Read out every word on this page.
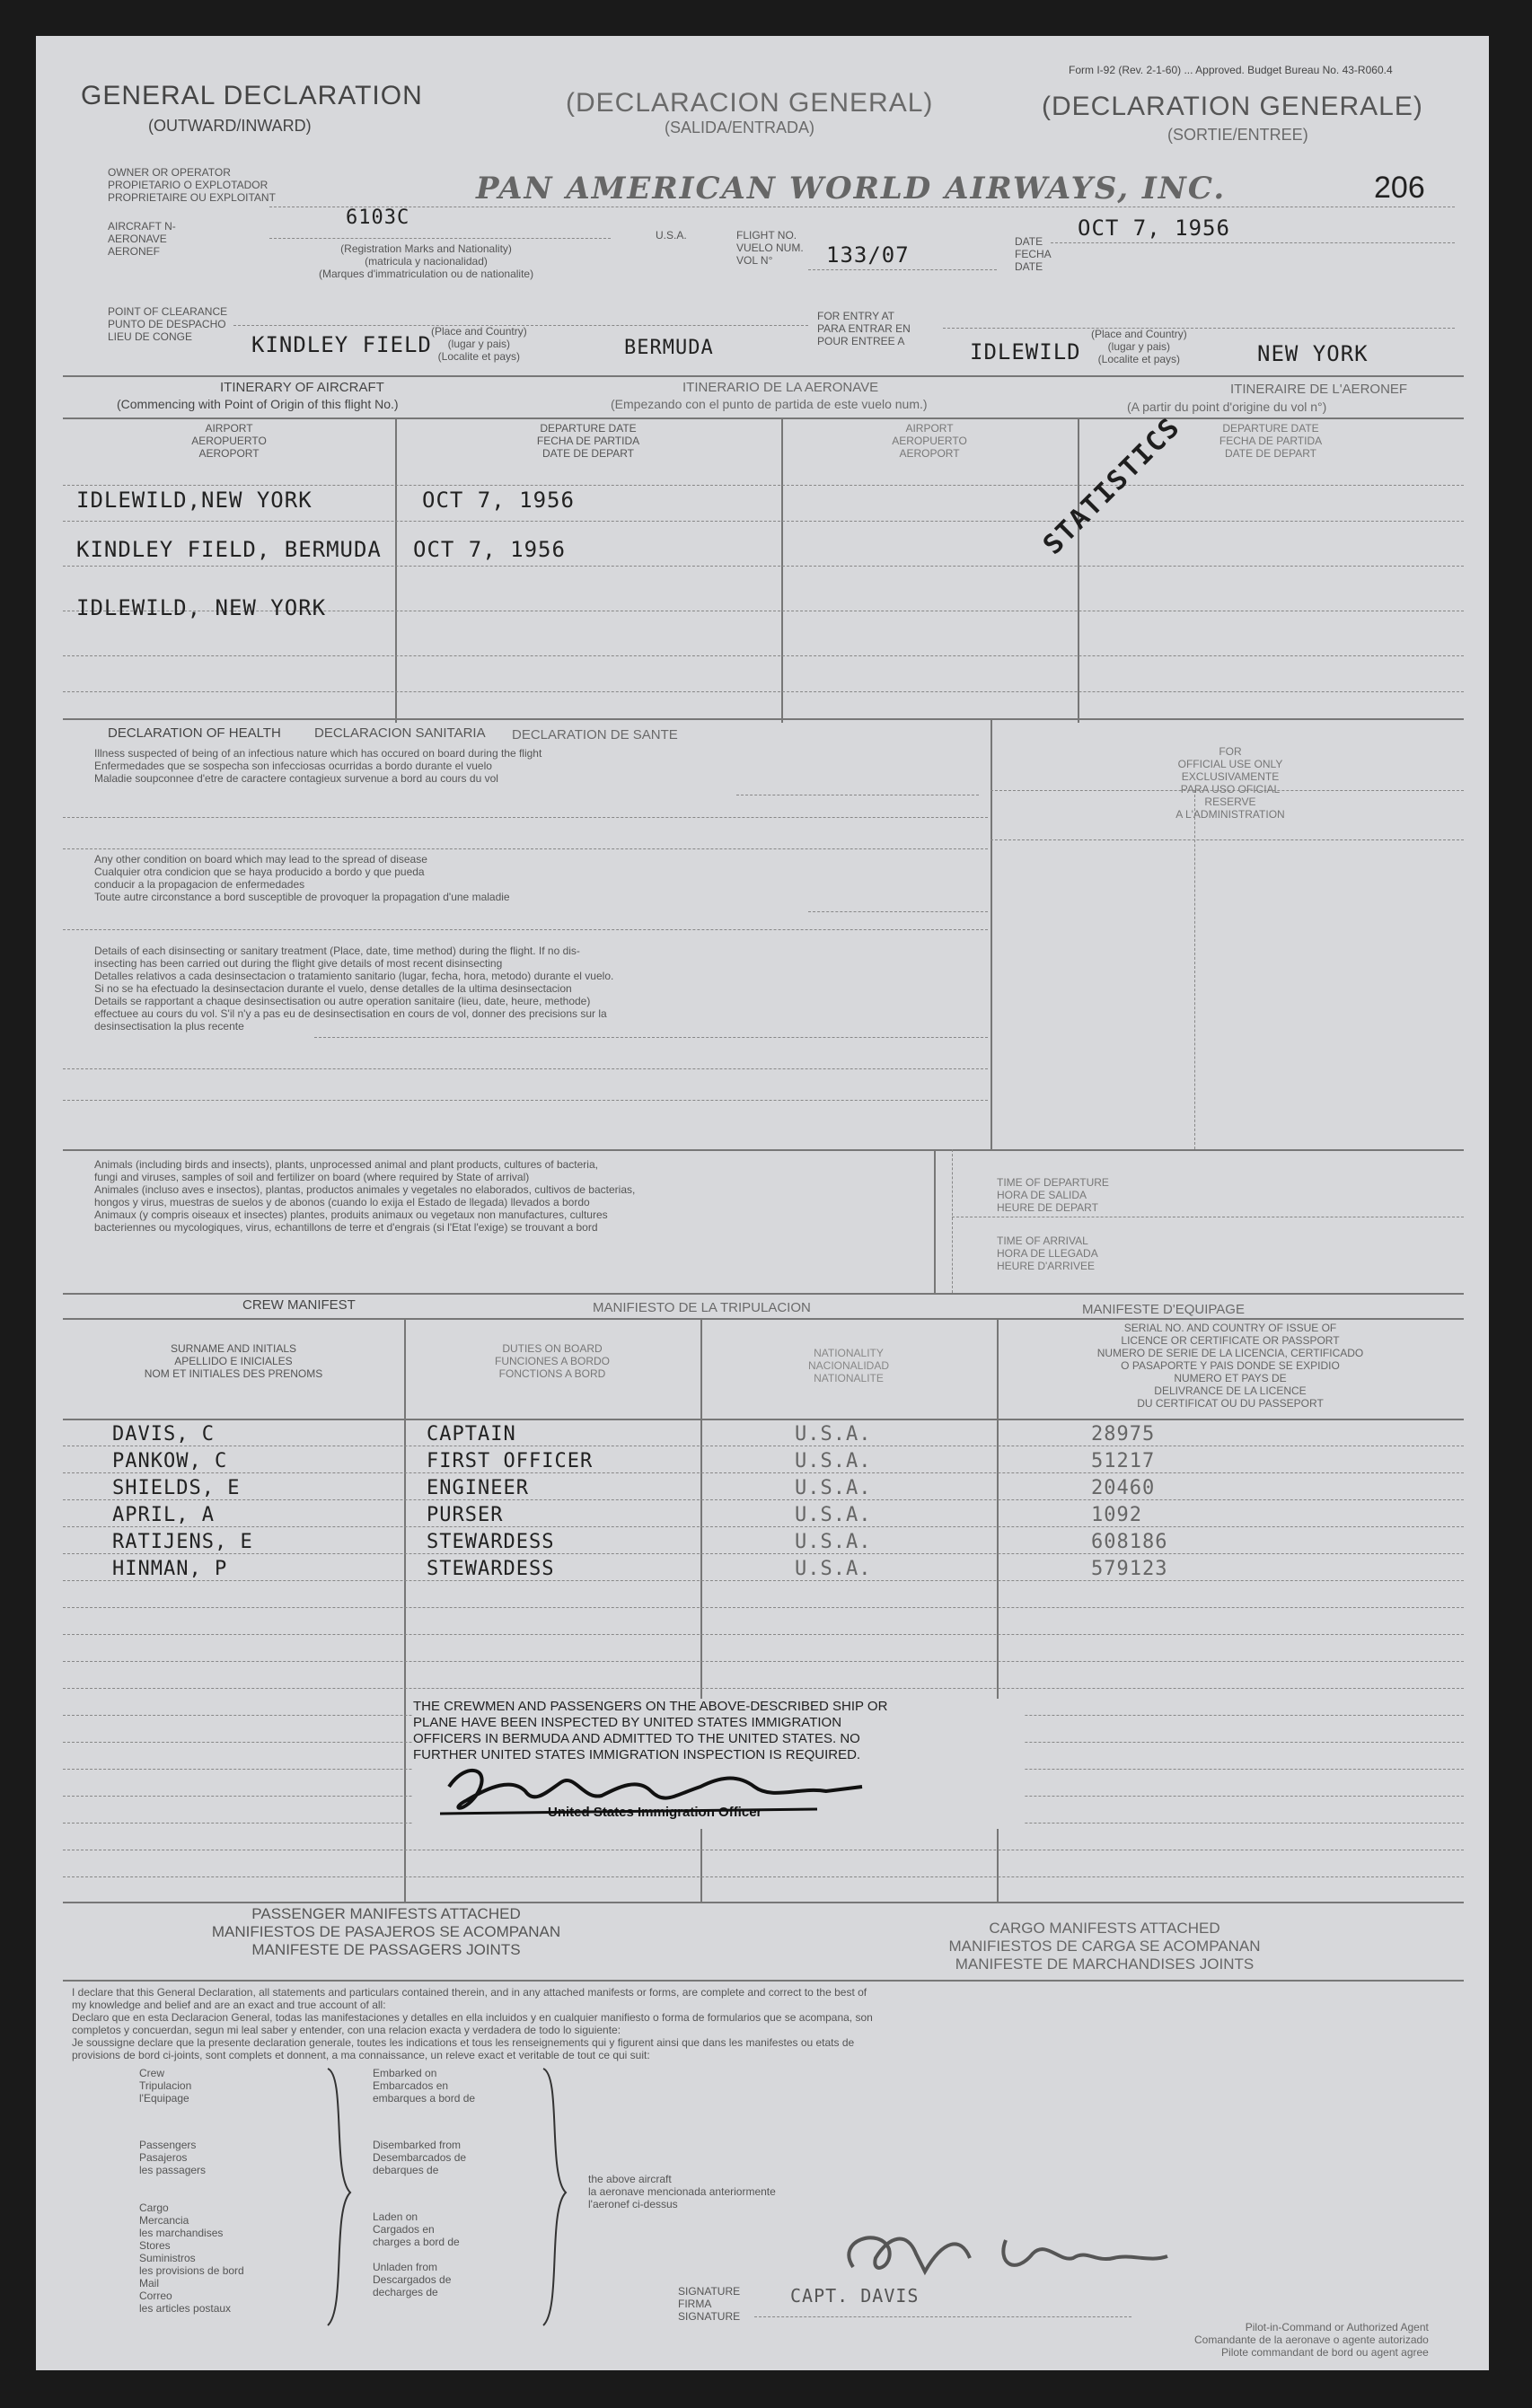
Form I-92 (Rev. 2-1-60) ... Approved. Budget Bureau No. 43-R060.4
206
GENERAL DECLARATION
(OUTWARD/INWARD)
(DECLARACION GENERAL)
(SALIDA/ENTRADA)
(DECLARATION GENERALE)
(SORTIE/ENTREE)
OWNER OR OPERATOR
PROPIETARIO O EXPLOTADOR
PROPRIETAIRE OU EXPLOITANT	PAN AMERICAN WORLD AIRWAYS, INC.
AIRCRAFT N-
AERONAVE
AERONEF
6103C
(Registration Marks and Nationality)
(matricula y nacionalidad)
(Marques d'immatriculation ou de nationalite)
U.S.A.	FLIGHT NO.
VUELO NUM.
VOL N°	133/07
DATE
FECHA
DATE
OCT 7, 1956
POINT OF CLEARANCE
PUNTO DE DESPACHO
LIEU DE CONGE	KINDLEY FIELD
(Place and Country)
(lugar y pais)
(Localite et pays)	BERMUDA
FOR ENTRY AT
PARA ENTRAR EN
POUR ENTREE A	IDLEWILD
(Place and Country)
(lugar y pais)
(Localite et pays)	NEW YORK
ITINERARY OF AIRCRAFT
(Commencing with Point of Origin of this flight No.)
ITINERARIO DE LA AERONAVE
(Empezando con el punto de partida de este vuelo num.)
ITINERAIRE DE L'AERONEF
(A partir du point d'origine du vol n°)
AIRPORT
AEROPUERTO
AEROPORT
DEPARTURE DATE
FECHA DE PARTIDA
DATE DE DEPART
AIRPORT
AEROPUERTO
AEROPORT
DEPARTURE DATE
FECHA DE PARTIDA
DATE DE DEPART
IDLEWILD,NEW YORK	OCT 7, 1956
KINDLEY FIELD, BERMUDA OCT 7, 1956
IDLEWILD, NEW YORK
STATISTICS
DECLARATION OF HEALTH DECLARACION SANITARIA DECLARATION DE SANTE
Illness suspected of being of an infectious nature which has occured on board during the flight
Enfermedades que se sospecha son infecciosas ocurridas a bordo durante el vuelo
Maladie soupconnee d'etre de caractere contagieux survenue a bord au cours du vol
Any other condition on board which may lead to the spread of disease
Cualquier otra condicion que se haya producido a bordo y que pueda
conducir a la propagacion de enfermedades
Toute autre circonstance a bord susceptible de provoquer la propagation d'une maladie
Details of each disinsecting or sanitary treatment (Place, date, time method) during the flight. If no dis-
insecting has been carried out during the flight give details of most recent disinsecting
Detalles relativos a cada desinsectacion o tratamiento sanitario (lugar, fecha, hora, metodo) durante el vuelo.
Si no se ha efectuado la desinsectacion durante el vuelo, dense detalles de la ultima desinsectacion
Details se rapportant a chaque desinsectisation ou autre operation sanitaire (lieu, date, heure, methode)
effectuee au cours du vol. S'il n'y a pas eu de desinsectisation en cours de vol, donner des precisions sur la
desinsectisation la plus recente
FOR
OFFICIAL USE ONLY
EXCLUSIVAMENTE
PARA USO OFICIAL
RESERVE
A L'ADMINISTRATION
Animals (including birds and insects), plants, unprocessed animal and plant products, cultures of bacteria,
fungi and viruses, samples of soil and fertilizer on board (where required by State of arrival)
Animales (incluso aves e insectos), plantas, productos animales y vegetales no elaborados, cultivos de bacterias,
hongos y virus, muestras de suelos y de abonos (cuando lo exija el Estado de llegada) llevados a bordo
Animaux (y compris oiseaux et insectes) plantes, produits animaux ou vegetaux non manufactures, cultures
bacteriennes ou mycologiques, virus, echantillons de terre et d'engrais (si l'Etat l'exige) se trouvant a bord
TIME OF DEPARTURE
HORA DE SALIDA
HEURE DE DEPART
TIME OF ARRIVAL
HORA DE LLEGADA
HEURE D'ARRIVEE
CREW MANIFEST	MANIFIESTO DE LA TRIPULACION	MANIFESTE D'EQUIPAGE
SURNAME AND INITIALS
APELLIDO E INICIALES
NOM ET INITIALES DES PRENOMS
DUTIES ON BOARD
FUNCIONES A BORDO
FONCTIONS A BORD
NATIONALITY
NACIONALIDAD
NATIONALITE
SERIAL NO. AND COUNTRY OF ISSUE OF
LICENCE OR CERTIFICATE OR PASSPORT
NUMERO DE SERIE DE LA LICENCIA, CERTIFICADO
O PASAPORTE Y PAIS DONDE SE EXPIDIO
NUMERO ET PAYS DE
DELIVRANCE DE LA LICENCE
DU CERTIFICAT OU DU PASSEPORT
DAVIS, C	CAPTAIN	U.S.A.	28975
PANKOW, C	FIRST OFFICER	U.S.A.	51217
SHIELDS, E	ENGINEER	U.S.A.	20460
APRIL, A	PURSER	U.S.A.	1092
RATIJENS, E	STEWARDESS	U.S.A.	608186
HINMAN, P	STEWARDESS	U.S.A.	579123
THE CREWMEN AND PASSENGERS ON THE ABOVE-DESCRIBED SHIP OR
PLANE HAVE BEEN INSPECTED BY UNITED STATES IMMIGRATION
OFFICERS IN BERMUDA AND ADMITTED TO THE UNITED STATES. NO
FURTHER UNITED STATES IMMIGRATION INSPECTION IS REQUIRED.
United States Immigration Officer
PASSENGER MANIFESTS ATTACHED
MANIFIESTOS DE PASAJEROS SE ACOMPANAN
MANIFESTE DE PASSAGERS JOINTS
CARGO MANIFESTS ATTACHED
MANIFIESTOS DE CARGA SE ACOMPANAN
MANIFESTE DE MARCHANDISES JOINTS
I declare that this General Declaration, all statements and particulars contained therein, and in any attached manifests or forms, are complete and correct to the best of
my knowledge and belief and are an exact and true account of all:
Declaro que en esta Declaracion General, todas las manifestaciones y detalles en ella incluidos y en cualquier manifiesto o forma de formularios que se acompana, son
completos y concuerdan, segun mi leal saber y entender, con una relacion exacta y verdadera de todo lo siguiente:
Je soussigne declare que la presente declaration generale, toutes les indications et tous les renseignements qui y figurent ainsi que dans les manifestes ou etats de
provisions de bord ci-joints, sont complets et donnent, a ma connaissance, un releve exact et veritable de tout ce qui suit:
Crew
Tripulacion
l'Equipage
Passengers
Pasajeros
les passagers
Cargo
Mercancia
les marchandises
Stores
Suministros
les provisions de bord
Mail
Correo
les articles postaux
Embarked on
Embarcados en
embarques a bord de
Disembarked from
Desembarcados de
debarques de
Laden on
Cargados en
charges a bord de
Unladen from
Descargados de
decharges de
the above aircraft
la aeronave mencionada anteriormente
l'aeronef ci-dessus
SIGNATURE
FIRMA
SIGNATURE
CAPT. DAVIS
Pilot-in-Command or Authorized Agent
Comandante de la aeronave o agente autorizado
Pilote commandant de bord ou agent agree
